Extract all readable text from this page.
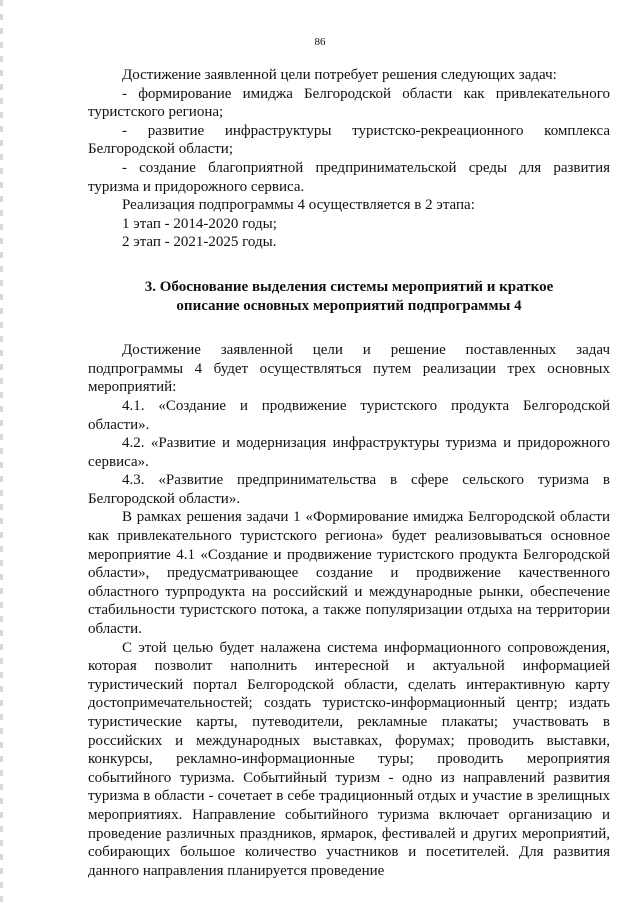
86

Достижение заявленной цели потребует решения следующих задач:

- формирование имиджа Белгородской области как привлекательного туристского региона;

- развитие инфраструктуры туристско-рекреационного комплекса Белгородской области;

- создание благоприятной предпринимательской среды для развития туризма и придорожного сервиса.

Реализация подпрограммы 4 осуществляется в 2 этапа:

1 этап - 2014-2020 годы;

2 этап - 2021-2025 годы.

3. Обоснование выделения системы мероприятий и краткое
описание основных мероприятий подпрограммы 4

Достижение заявленной цели и решение поставленных задач подпрограммы 4 будет осуществляться путем реализации трех основных мероприятий:

4.1. «Создание и продвижение туристского продукта Белгородской области».

4.2. «Развитие и модернизация инфраструктуры туризма и придорожного сервиса».

4.3. «Развитие предпринимательства в сфере сельского туризма в Белгородской области».

В рамках решения задачи 1 «Формирование имиджа Белгородской области как привлекательного туристского региона» будет реализовываться основное мероприятие 4.1 «Создание и продвижение туристского продукта Белгородской области», предусматривающее создание и продвижение качественного областного турпродукта на российский и международные рынки, обеспечение стабильности туристского потока, а также популяризации отдыха на территории области.

С этой целью будет налажена система информационного сопровождения, которая позволит наполнить интересной и актуальной информацией туристический портал Белгородской области, сделать интерактивную карту достопримечательностей; создать туристско-информационный центр; издать туристические карты, путеводители, рекламные плакаты; участвовать в российских и международных выставках, форумах; проводить выставки, конкурсы, рекламно-информационные туры; проводить мероприятия событийного туризма. Событийный туризм - одно из направлений развития туризма в области - сочетает в себе традиционный отдых и участие в зрелищных мероприятиях. Направление событийного туризма включает организацию и проведение различных праздников, ярмарок, фестивалей и других мероприятий, собирающих большое количество участников и посетителей. Для развития данного направления планируется проведение
